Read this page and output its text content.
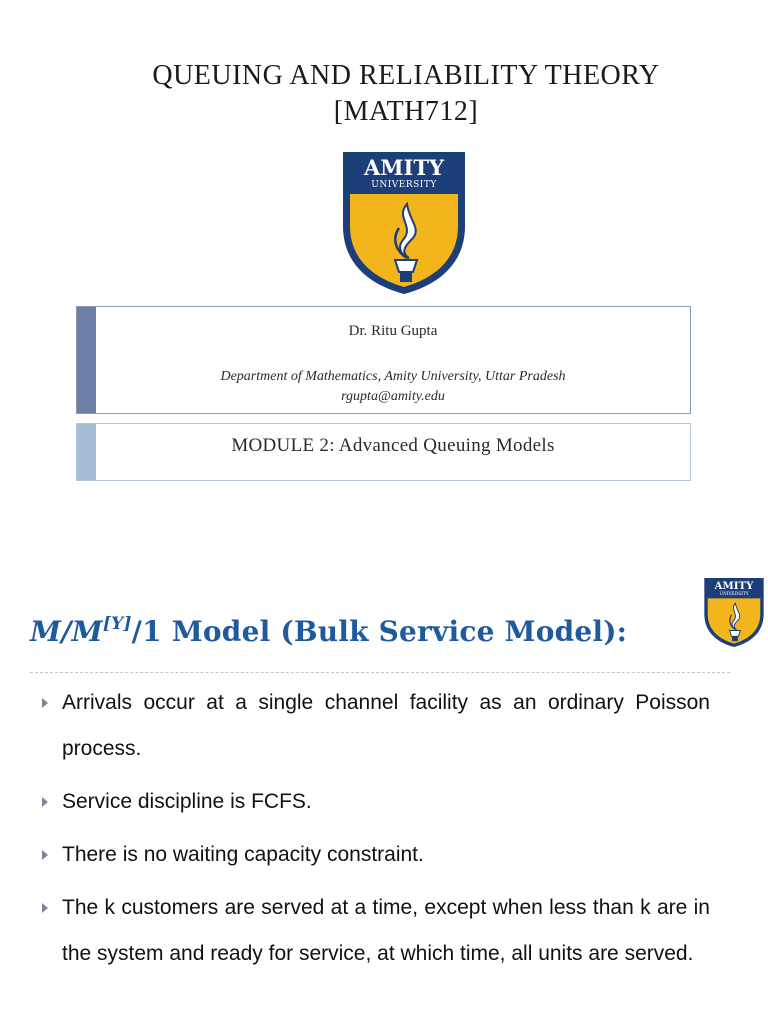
QUEUING AND RELIABILITY THEORY
[MATH712]
AMITY
UNIVERSITY
Dr. Ritu Gupta
Department of Mathematics, Amity University, Uttar Pradesh
rgupta@amity.edu
MODULE 2: Advanced Queuing Models
AMITY
UNIVERSITY
M/M[Y]/1 Model (Bulk Service Model):
Arrivals occur at a single channel facility as an ordinary Poisson process.
Service discipline is FCFS.
There is no waiting capacity constraint.
The k customers are served at a time, except when less than k are in the system and ready for service, at which time, all units are served.
